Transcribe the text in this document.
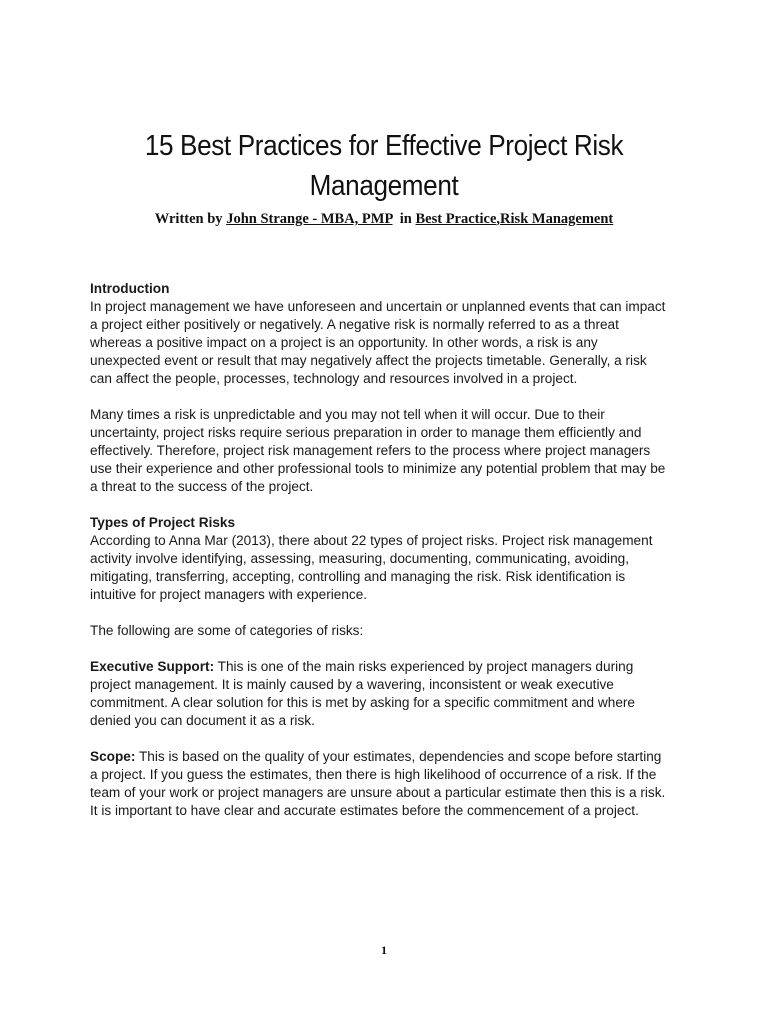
15 Best Practices for Effective Project Risk Management
Written by John Strange - MBA, PMP in Best Practice,Risk Management

Introduction

In project management we have unforeseen and uncertain or unplanned events that can impact a project either positively or negatively. A negative risk is normally referred to as a threat whereas a positive impact on a project is an opportunity. In other words, a risk is any unexpected event or result that may negatively affect the projects timetable. Generally, a risk can affect the people, processes, technology and resources involved in a project.

Many times a risk is unpredictable and you may not tell when it will occur. Due to their uncertainty, project risks require serious preparation in order to manage them efficiently and effectively. Therefore, project risk management refers to the process where project managers use their experience and other professional tools to minimize any potential problem that may be a threat to the success of the project.

Types of Project Risks

According to Anna Mar (2013), there about 22 types of project risks. Project risk management activity involve identifying, assessing, measuring, documenting, communicating, avoiding, mitigating, transferring, accepting, controlling and managing the risk. Risk identification is intuitive for project managers with experience.

The following are some of categories of risks:

Executive Support: This is one of the main risks experienced by project managers during project management. It is mainly caused by a wavering, inconsistent or weak executive commitment. A clear solution for this is met by asking for a specific commitment and where denied you can document it as a risk.

Scope: This is based on the quality of your estimates, dependencies and scope before starting a project. If you guess the estimates, then there is high likelihood of occurrence of a risk. If the team of your work or project managers are unsure about a particular estimate then this is a risk. It is important to have clear and accurate estimates before the commencement of a project.

1
